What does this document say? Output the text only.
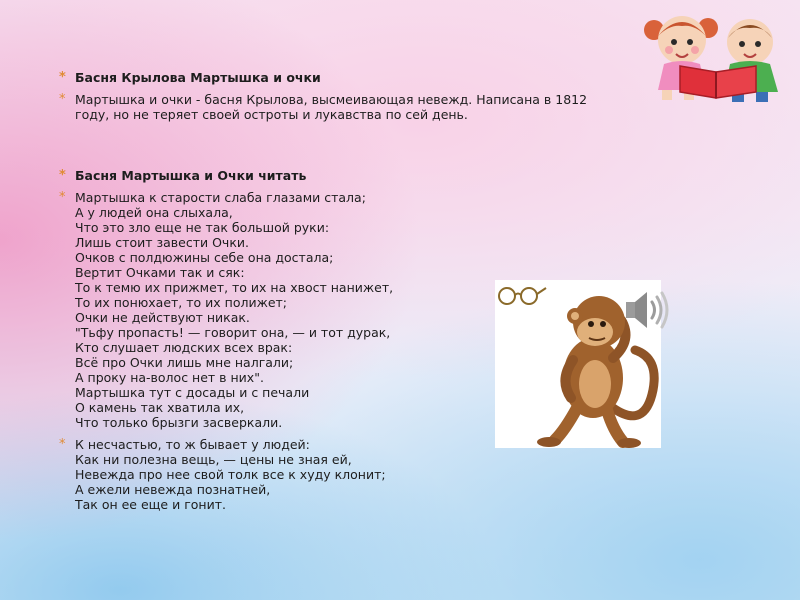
* Басня Крылова Мартышка и очки
* Мартышка и очки - басня Крылова, высмеивающая невежд. Написана в 1812
году, но не теряет своей остроты и лукавства по сей день.
* Басня Мартышка и Очки читать
* Мартышка к старости слаба глазами стала;
А у людей она слыхала,
Что это зло еще не так большой руки:
Лишь стоит завести Очки.
Очков с полдюжины себе она достала;
Вертит Очками так и сяк:
То к темю их прижмет, то их на хвост нанижет,
То их понюхает, то их полижет;
Очки не действуют никак.
"Тьфу пропасть! — говорит она, — и тот дурак,
Кто слушает людских всех врак:
Всё про Очки лишь мне налгали;
А проку на-волос нет в них".
Мартышка тут с досады и с печали
О камень так хватила их,
Что только брызги засверкали.
* К несчастью, то ж бывает у людей:
Как ни полезна вещь, — цены не зная ей,
Невежда про нее свой толк все к худу клонит;
А ежели невежда познатней,
Так он ее еще и гонит.
